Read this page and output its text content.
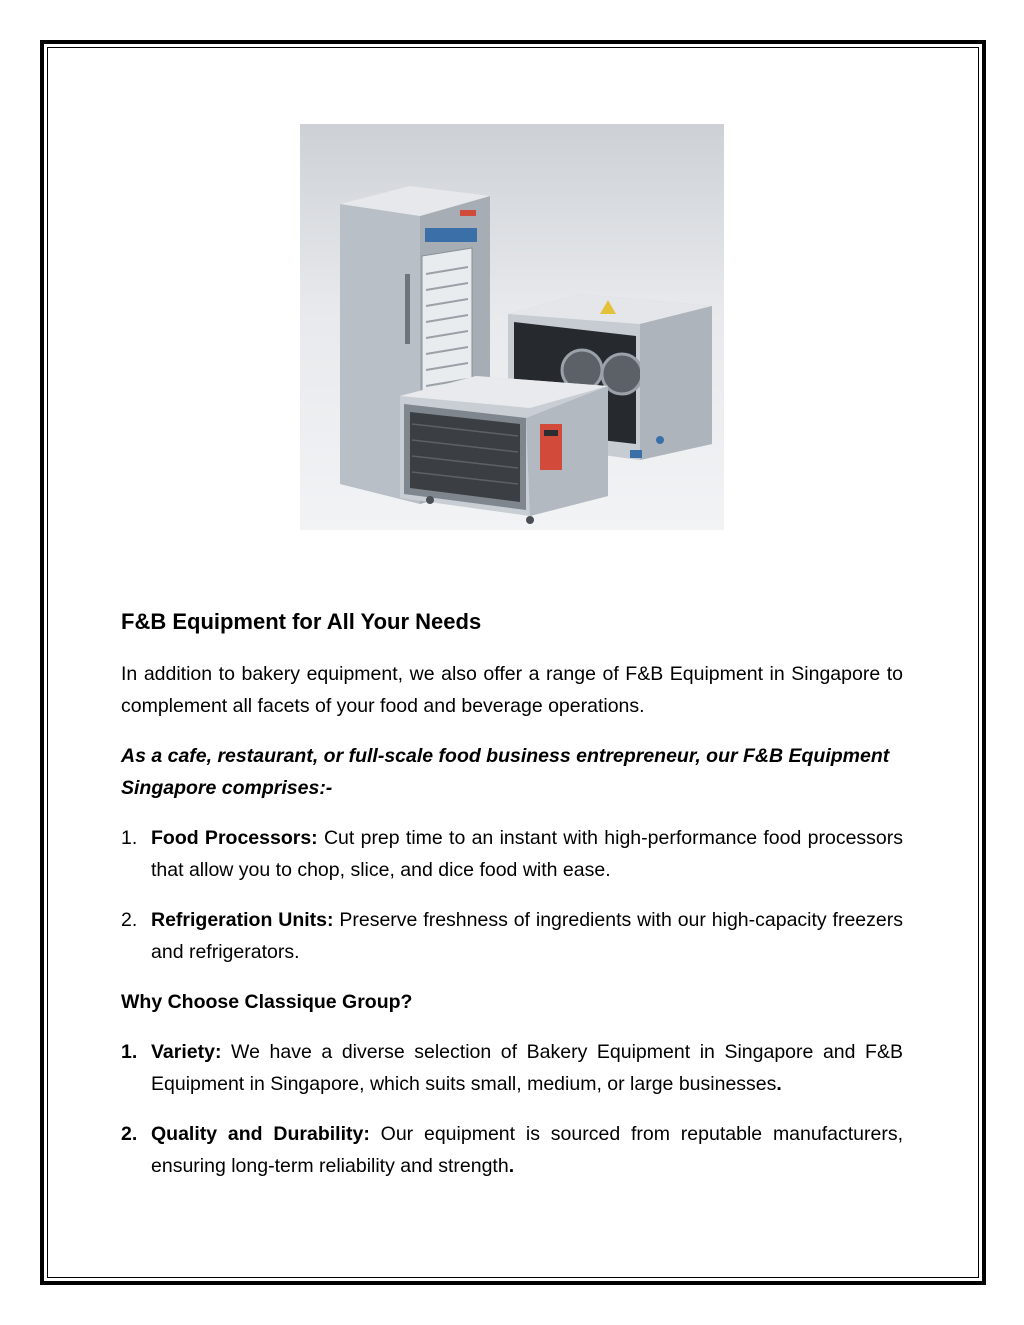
F&B Equipment for All Your Needs

In addition to bakery equipment, we also offer a range of F&B Equipment in Singapore to complement all facets of your food and beverage operations.

As a cafe, restaurant, or full-scale food business entrepreneur, our F&B Equipment Singapore comprises:-

1. Food Processors: Cut prep time to an instant with high-performance food processors that allow you to chop, slice, and dice food with ease.
2. Refrigeration Units: Preserve freshness of ingredients with our high-capacity freezers and refrigerators.
Why Choose Classique Group?
1. Variety: We have a diverse selection of Bakery Equipment in Singapore and F&B Equipment in Singapore, which suits small, medium, or large businesses.
2. Quality and Durability: Our equipment is sourced from reputable manufacturers, ensuring long-term reliability and strength.
